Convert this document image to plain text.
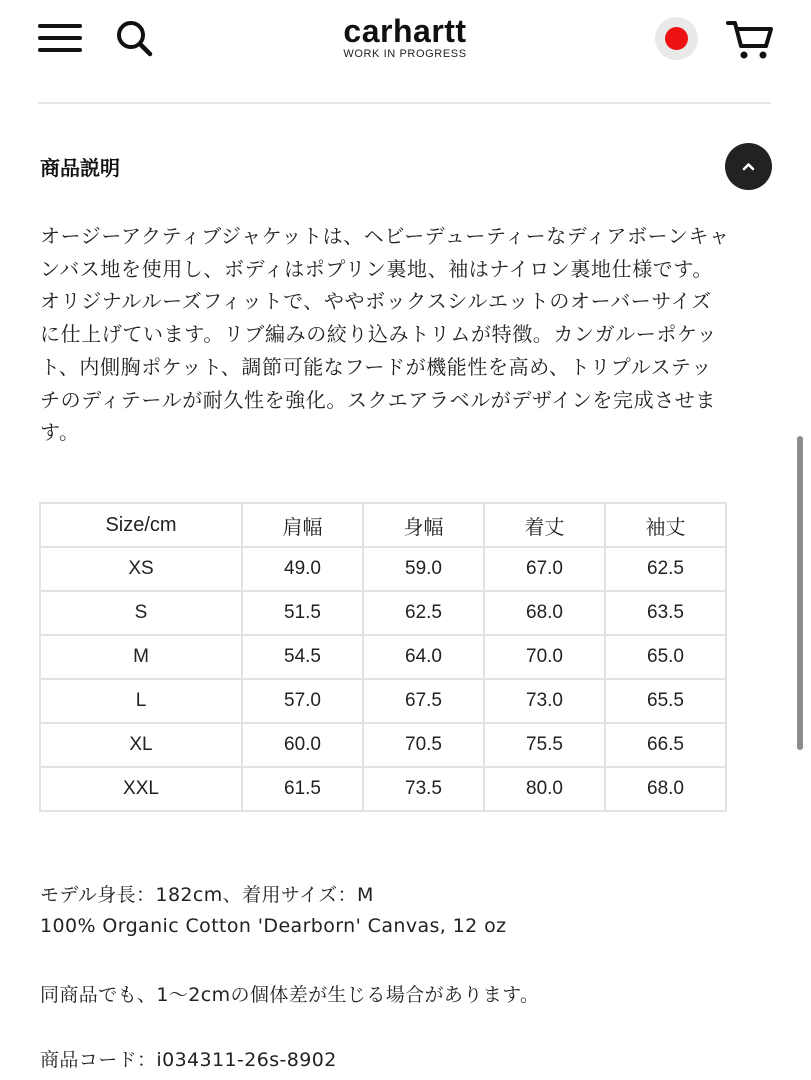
carhartt
WORK IN PROGRESS
商品説明
オージーアクティブジャケットは、ヘビーデューティーなディアボーンキャンバス地を使用し、ボディはポプリン裏地、袖はナイロン裏地仕様です。オリジナルルーズフィットで、ややボックスシルエットのオーバーサイズに仕上げています。リブ編みの絞り込みトリムが特徴。カンガルーポケット、内側胸ポケット、調節可能なフードが機能性を高め、トリプルステッチのディテールが耐久性を強化。スクエアラベルがデザインを完成させます。
Size/cm	肩幅	身幅	着丈	袖丈
XS	49.0	59.0	67.0	62.5
S	51.5	62.5	68.0	63.5
M	54.5	64.0	70.0	65.0
L	57.0	67.5	73.0	65.5
XL	60.0	70.5	75.5	66.5
XXL	61.5	73.5	80.0	68.0
モデル身長：182cm、着用サイズ：M
100% Organic Cotton 'Dearborn' Canvas, 12 oz
同商品でも、1〜2cmの個体差が生じる場合があります。
商品コード：i034311-26s-8902
